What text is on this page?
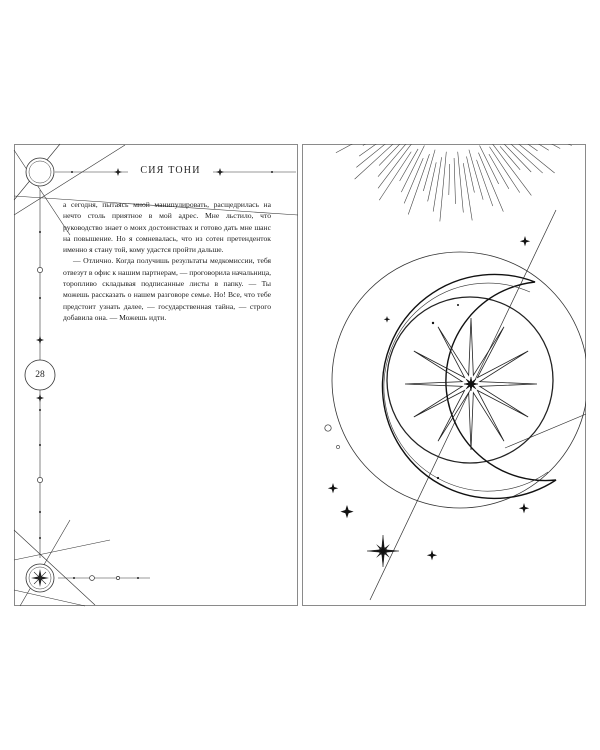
СИЯ ТОНИ

а сегодня, пытаясь мной манипулировать, расщедрилась на нечто столь приятное в мой адрес. Мне льстило, что руководство знает о моих достоинствах и готово дать мне шанс на повышение. Но я сомневалась, что из сотен претенденток именно я стану той, кому удастся пройти дальше.

— Отлично. Когда получишь результаты медкомиссии, тебя отвезут в офис к нашим партнерам, — проговорила начальница, торопливо складывая подписанные листы в папку. — Ты можешь рассказать о нашем разговоре семье. Но! Все, что тебе предстоит узнать далее, — государственная тайна, — строго добавила она. — Можешь идти.

28
